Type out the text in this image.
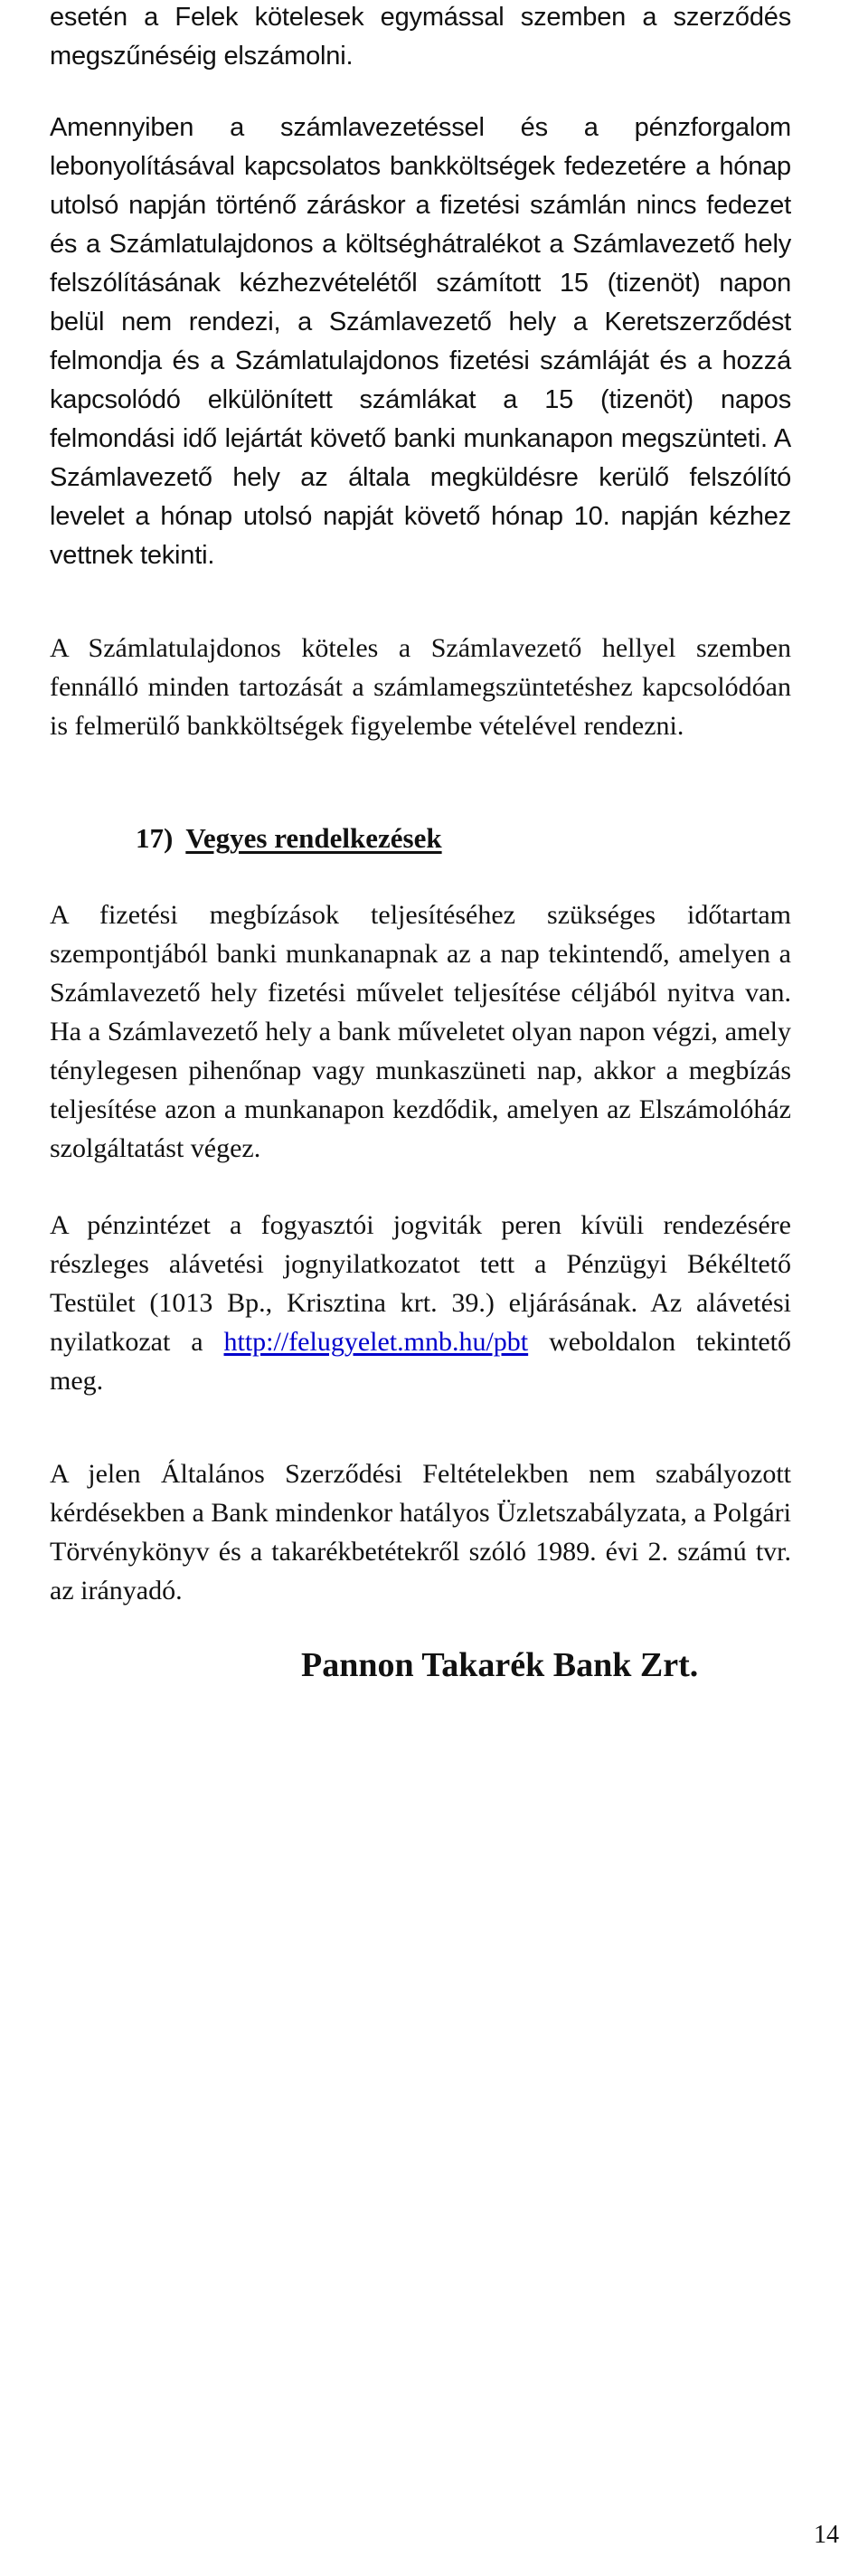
esetén a Felek kötelesek egymással szemben a szerződés megszűnéséig elszámolni.

Amennyiben a számlavezetéssel és a pénzforgalom lebonyolításával kapcsolatos bankköltségek fedezetére a hónap utolsó napján történő záráskor a fizetési számlán nincs fedezet és a Számlatulajdonos a költséghátralékot a Számlavezető hely felszólításának kézhezvételétől számított 15 (tizenöt) napon belül nem rendezi, a Számlavezető hely a Keretszerződést felmondja és a Számlatulajdonos fizetési számláját és a hozzá kapcsolódó elkülönített számlákat a 15 (tizenöt) napos felmondási idő lejártát követő banki munkanapon megszünteti. A Számlavezető hely az általa megküldésre kerülő felszólító levelet a hónap utolsó napját követő hónap 10. napján kézhez vettnek tekinti.

A Számlatulajdonos köteles a Számlavezető hellyel szemben fennálló minden tartozását a számlamegszüntetéshez kapcsolódóan is felmerülő bankköltségek figyelembe vételével rendezni.

17) Vegyes rendelkezések

A fizetési megbízások teljesítéséhez szükséges időtartam szempontjából banki munkanapnak az a nap tekintendő, amelyen a Számlavezető hely fizetési művelet teljesítése céljából nyitva van. Ha a Számlavezető hely a bank műveletet olyan napon végzi, amely ténylegesen pihenőnap vagy munkaszüneti nap, akkor a megbízás teljesítése azon a munkanapon kezdődik, amelyen az Elszámolóház szolgáltatást végez.

A pénzintézet a fogyasztói jogviták peren kívüli rendezésére részleges alávetési jognyilatkozatot tett a Pénzügyi Békéltető Testület (1013 Bp., Krisztina krt. 39.) eljárásának. Az alávetési nyilatkozat a http://felugyelet.mnb.hu/pbt weboldalon tekintető meg.

A jelen Általános Szerződési Feltételekben nem szabályozott kérdésekben a Bank mindenkor hatályos Üzletszabályzata, a Polgári Törvénykönyv és a takarékbetétekről szóló 1989. évi 2. számú tvr. az irányadó.

Pannon Takarék Bank Zrt.
14
